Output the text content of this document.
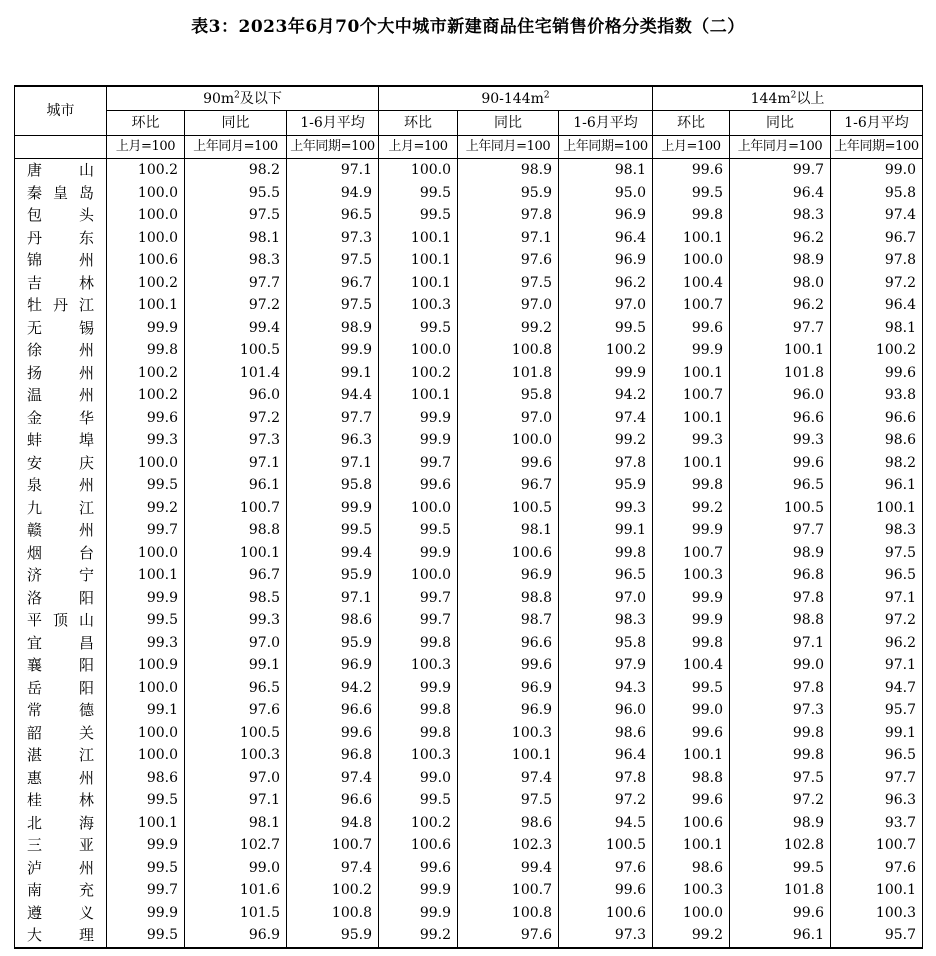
表3：2023年6月70个大中城市新建商品住宅销售价格分类指数（二）
城市	$90m^2$及以下			$90-144m^2$			$144m^2$以上		
	环比	同比	1-6月平均	环比	同比	1-6月平均	环比	同比	1-6月平均
	上月=100	上年同月=100	上年同期=100	上月=100	上年同月=100	上年同期=100	上月=100	上年同月=100	上年同期=100
唐山	100.2	98.2	97.1	100.0	98.9	98.1	99.6	99.7	99.0
秦皇岛	100.0	95.5	94.9	99.5	95.9	95.0	99.5	96.4	95.8
包头	100.0	97.5	96.5	99.5	97.8	96.9	99.8	98.3	97.4
丹东	100.0	98.1	97.3	100.1	97.1	96.4	100.1	96.2	96.7
锦州	100.6	98.3	97.5	100.1	97.6	96.9	100.0	98.9	97.8
吉林	100.2	97.7	96.7	100.1	97.5	96.2	100.4	98.0	97.2
牡丹江	100.1	97.2	97.5	100.3	97.0	97.0	100.7	96.2	96.4
无锡	99.9	99.4	98.9	99.5	99.2	99.5	99.6	97.7	98.1
徐州	99.8	100.5	99.9	100.0	100.8	100.2	99.9	100.1	100.2
扬州	100.2	101.4	99.1	100.2	101.8	99.9	100.1	101.8	99.6
温州	100.2	96.0	94.4	100.1	95.8	94.2	100.7	96.0	93.8
金华	99.6	97.2	97.7	99.9	97.0	97.4	100.1	96.6	96.6
蚌埠	99.3	97.3	96.3	99.9	100.0	99.2	99.3	99.3	98.6
安庆	100.0	97.1	97.1	99.7	99.6	97.8	100.1	99.6	98.2
泉州	99.5	96.1	95.8	99.6	96.7	95.9	99.8	96.5	96.1
九江	99.2	100.7	99.9	100.0	100.5	99.3	99.2	100.5	100.1
赣州	99.7	98.8	99.5	99.5	98.1	99.1	99.9	97.7	98.3
烟台	100.0	100.1	99.4	99.9	100.6	99.8	100.7	98.9	97.5
济宁	100.1	96.7	95.9	100.0	96.9	96.5	100.3	96.8	96.5
洛阳	99.9	98.5	97.1	99.7	98.8	97.0	99.9	97.8	97.1
平顶山	99.5	99.3	98.6	99.7	98.7	98.3	99.9	98.8	97.2
宜昌	99.3	97.0	95.9	99.8	96.6	95.8	99.8	97.1	96.2
襄阳	100.9	99.1	96.9	100.3	99.6	97.9	100.4	99.0	97.1
岳阳	100.0	96.5	94.2	99.9	96.9	94.3	99.5	97.8	94.7
常德	99.1	97.6	96.6	99.8	96.9	96.0	99.0	97.3	95.7
韶关	100.0	100.5	99.6	99.8	100.3	98.6	99.6	99.8	99.1
湛江	100.0	100.3	96.8	100.3	100.1	96.4	100.1	99.8	96.5
惠州	98.6	97.0	97.4	99.0	97.4	97.8	98.8	97.5	97.7
桂林	99.5	97.1	96.6	99.5	97.5	97.2	99.6	97.2	96.3
北海	100.1	98.1	94.8	100.2	98.6	94.5	100.6	98.9	93.7
三亚	99.9	102.7	100.7	100.6	102.3	100.5	100.1	102.8	100.7
泸州	99.5	99.0	97.4	99.6	99.4	97.6	98.6	99.5	97.6
南充	99.7	101.6	100.2	99.9	100.7	99.6	100.3	101.8	100.1
遵义	99.9	101.5	100.8	99.9	100.8	100.6	100.0	99.6	100.3
大理	99.5	96.9	95.9	99.2	97.6	97.3	99.2	96.1	95.7
